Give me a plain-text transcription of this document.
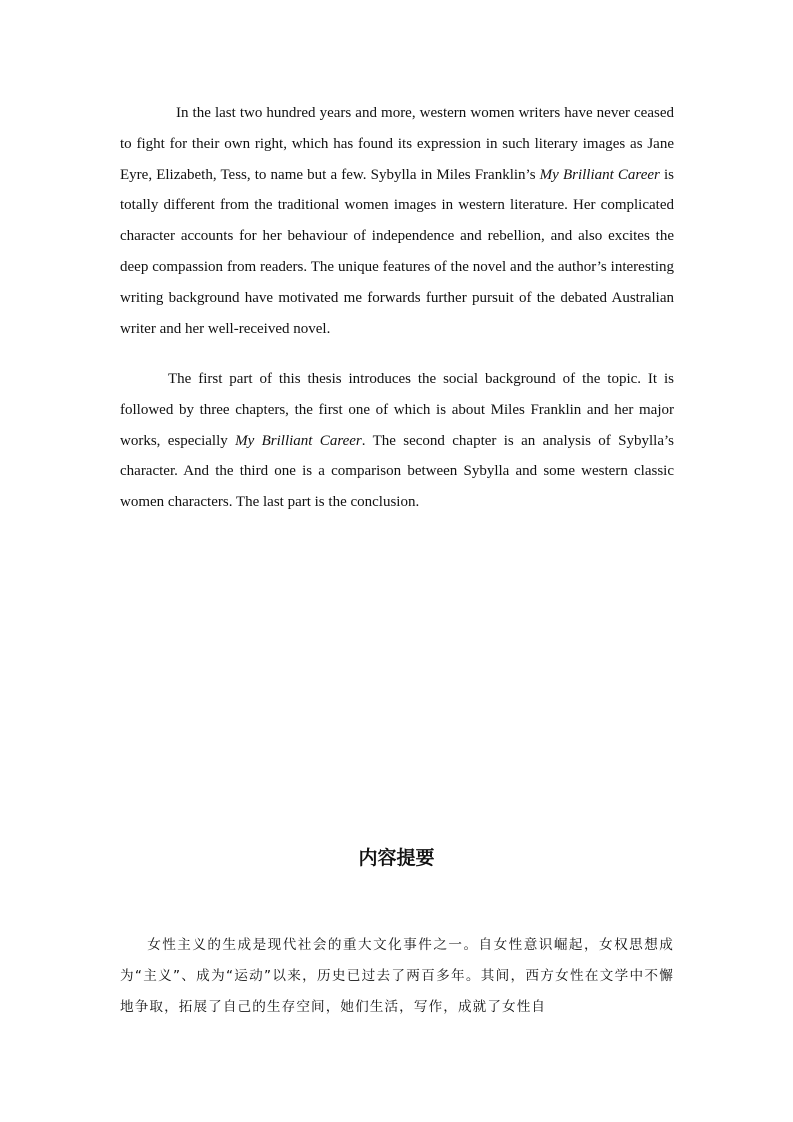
In the last two hundred years and more, western women writers have never ceased to fight for their own right, which has found its expression in such literary images as Jane Eyre, Elizabeth, Tess, to name but a few. Sybylla in Miles Franklin’s My Brilliant Career is totally different from the traditional women images in western literature. Her complicated character accounts for her behaviour of independence and rebellion, and also excites the deep compassion from readers. The unique features of the novel and the author’s interesting writing background have motivated me forwards further pursuit of the debated Australian writer and her well-received novel.

The first part of this thesis introduces the social background of the topic. It is followed by three chapters, the first one of which is about Miles Franklin and her major works, especially My Brilliant Career. The second chapter is an analysis of Sybylla’s character. And the third one is a comparison between Sybylla and some western classic women characters. The last part is the conclusion.

内容提要

女性主义的生成是现代社会的重大文化事件之一。自女性意识崛起，女权思想成为“主义”、成为“运动”以来，历史已过去了两百多年。其间，西方女性在文学中不懈地争取，拓展了自己的生存空间，她们生活，写作，成就了女性自
